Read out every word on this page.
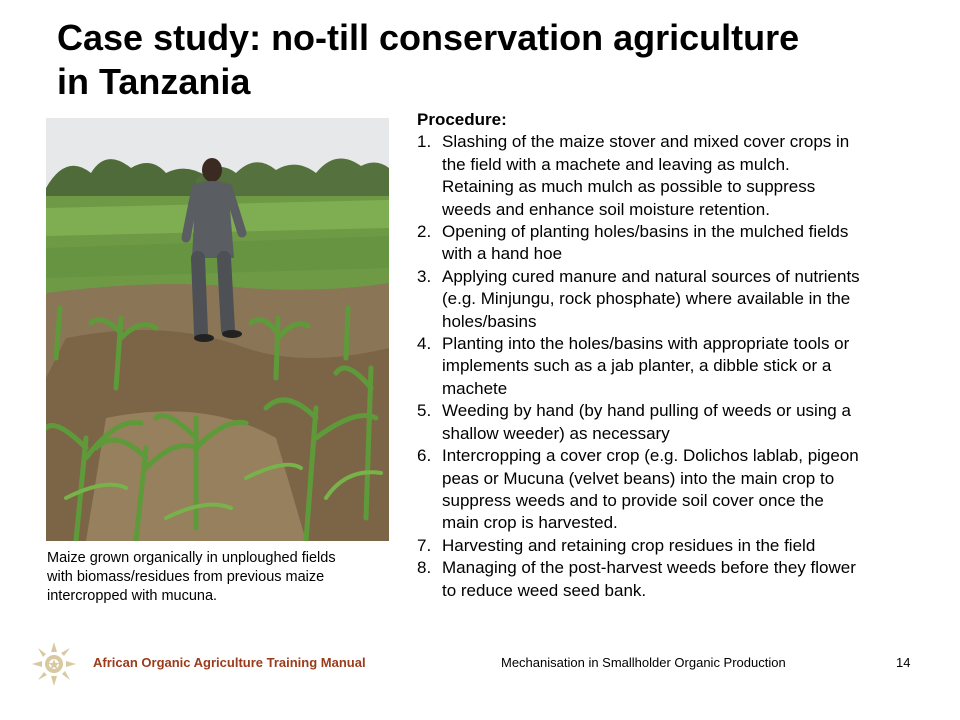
Case study: no-till conservation agriculture
in Tanzania
Maize grown organically in unploughed fields
with biomass/residues from previous maize
intercropped with mucuna.

Procedure:

1. Slashing of the maize stover and mixed cover crops in
the field with a machete and leaving as mulch.
Retaining as much mulch as possible to suppress
weeds and enhance soil moisture retention.
2. Opening of planting holes/basins in the mulched fields
with a hand hoe
3. Applying cured manure and natural sources of nutrients
(e.g. Minjungu, rock phosphate) where available in the
holes/basins
4. Planting into the holes/basins with appropriate tools or
implements such as a jab planter, a dibble stick or a
machete
5. Weeding by hand (by hand pulling of weeds or using a
shallow weeder) as necessary
6. Intercropping a cover crop (e.g. Dolichos lablab, pigeon
peas or Mucuna (velvet beans) into the main crop to
suppress weeds and to provide soil cover once the
main crop is harvested.
7. Harvesting and retaining crop residues in the field
8. Managing of the post-harvest weeds before they flower
to reduce weed seed bank.
African Organic Agriculture Training Manual	Mechanisation in Smallholder Organic Production	14
